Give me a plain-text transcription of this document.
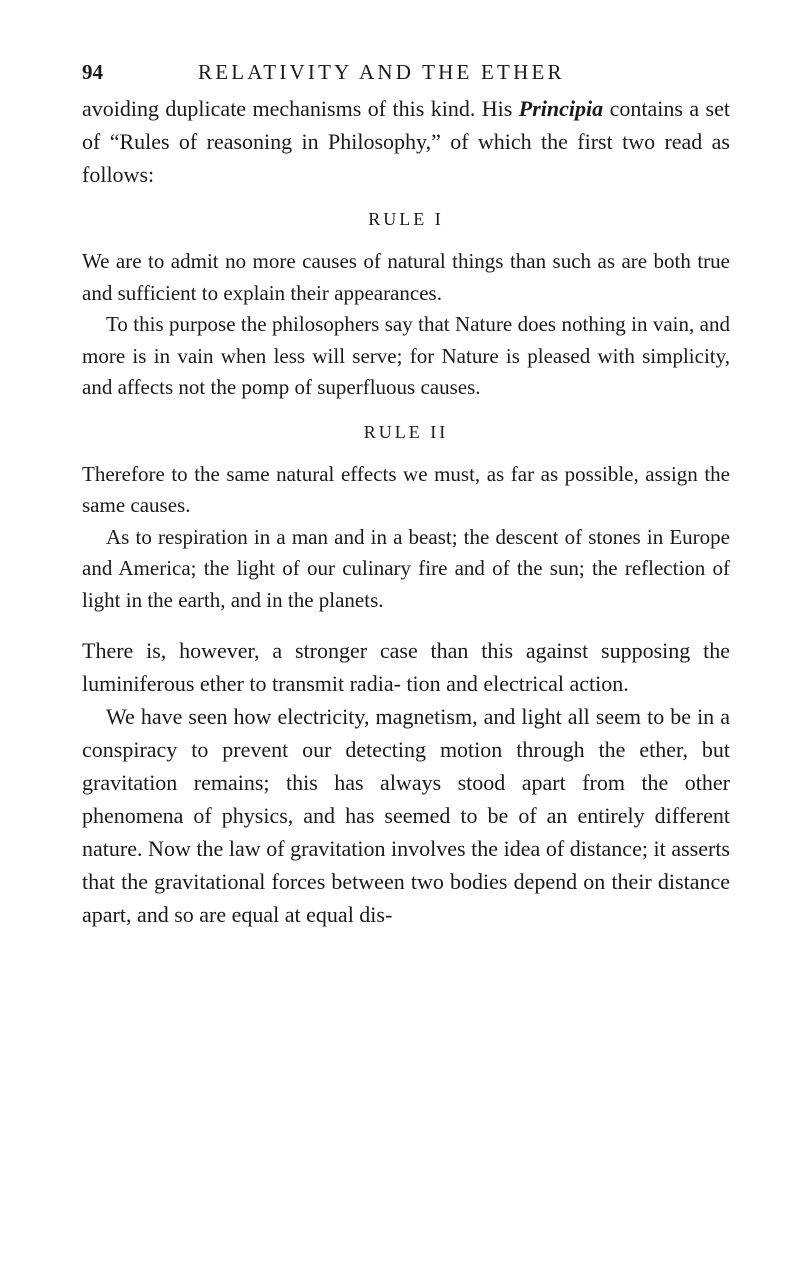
94	RELATIVITY AND THE ETHER

avoiding duplicate mechanisms of this kind. His Principia contains a set of “Rules of reasoning in Philosophy,” of which the first two read as follows:

RULE I

We are to admit no more causes of natural things than such as are both true and sufficient to explain their appearances.

To this purpose the philosophers say that Nature does nothing in vain, and more is in vain when less will serve; for Nature is pleased with simplicity, and affects not the pomp of superfluous causes.

RULE II

Therefore to the same natural effects we must, as far as possible, assign the same causes.

As to respiration in a man and in a beast; the descent of stones in Europe and America; the light of our culinary fire and of the sun; the reflection of light in the earth, and in the planets.

There is, however, a stronger case than this against supposing the luminiferous ether to transmit radia- tion and electrical action.

We have seen how electricity, magnetism, and light all seem to be in a conspiracy to prevent our detecting motion through the ether, but gravitation remains; this has always stood apart from the other phenomena of physics, and has seemed to be of an entirely different nature. Now the law of gravitation involves the idea of distance; it asserts that the gravitational forces between two bodies depend on their distance apart, and so are equal at equal dis-
